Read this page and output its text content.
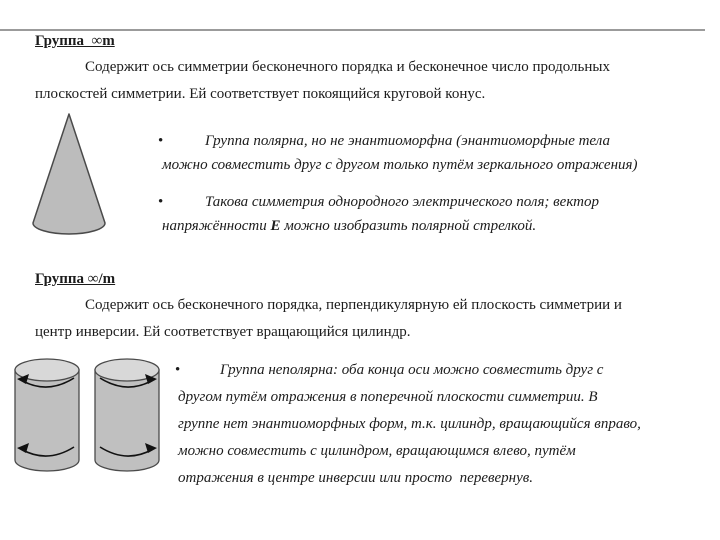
Группа  ∞m
Содержит ось симметрии бесконечного порядка и бесконечное число продольных
плоскостей симметрии. Ей соответствует покоящийся круговой конус.
•	Группа полярна, но не энантиоморфна (энантиоморфные тела
можно совместить друг с другом только путём зеркального отражения)
•	Такова симметрия однородного электрического поля; вектор
напряжённости Е можно изобразить полярной стрелкой.
Группа ∞/m
Содержит ось бесконечного порядка, перпендикулярную ей плоскость симметрии и
центр инверсии. Ей соответствует вращающийся цилиндр.
•	Группа неполярна: оба конца оси можно совместить друг с
другом путём отражения в поперечной плоскости симметрии. В
группе нет энантиоморфных форм, т.к. цилиндр, вращающийся вправо,
можно совместить с цилиндром, вращающимся влево, путём
отражения в центре инверсии или просто  перевернув.
